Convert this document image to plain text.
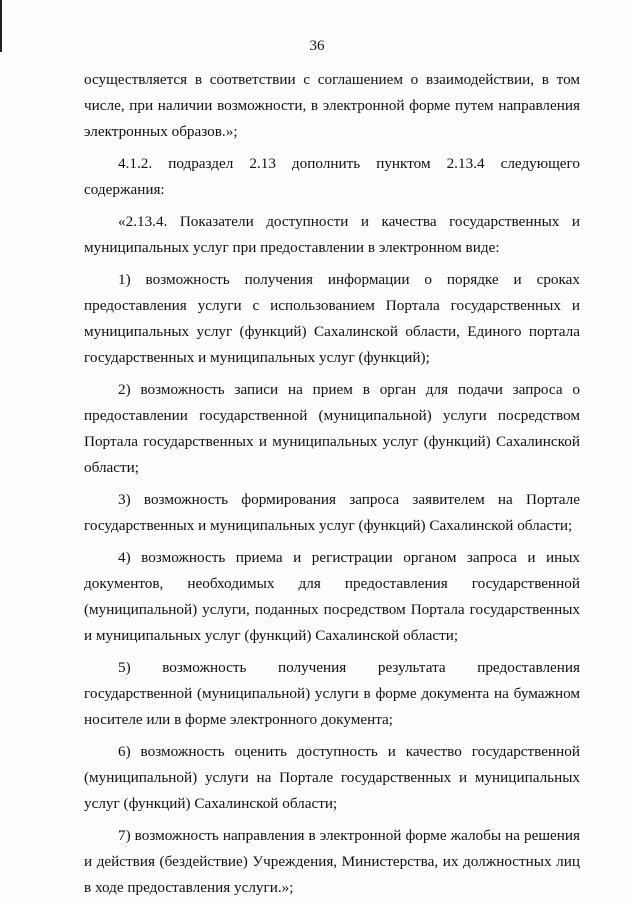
36

осуществляется в соответствии с соглашением о взаимодействии, в том числе, при наличии возможности, в электронной форме путем направления электронных образов.»;

4.1.2. подраздел 2.13 дополнить пунктом 2.13.4 следующего содержания:

«2.13.4. Показатели доступности и качества государственных и муниципальных услуг при предоставлении в электронном виде:

1) возможность получения информации о порядке и сроках предоставления услуги с использованием Портала государственных и муниципальных услуг (функций) Сахалинской области, Единого портала государственных и муниципальных услуг (функций);

2) возможность записи на прием в орган для подачи запроса о предоставлении государственной (муниципальной) услуги посредством Портала государственных и муниципальных услуг (функций) Сахалинской области;

3) возможность формирования запроса заявителем на Портале государственных и муниципальных услуг (функций) Сахалинской области;

4) возможность приема и регистрации органом запроса и иных документов, необходимых для предоставления государственной (муниципальной) услуги, поданных посредством Портала государственных и муниципальных услуг (функций) Сахалинской области;

5) возможность получения результата предоставления государственной (муниципальной) услуги в форме документа на бумажном носителе или в форме электронного документа;

6) возможность оценить доступность и качество государственной (муниципальной) услуги на Портале государственных и муниципальных услуг (функций) Сахалинской области;

7) возможность направления в электронной форме жалобы на решения и действия (бездействие) Учреждения, Министерства, их должностных лиц в ходе предоставления услуги.»;
